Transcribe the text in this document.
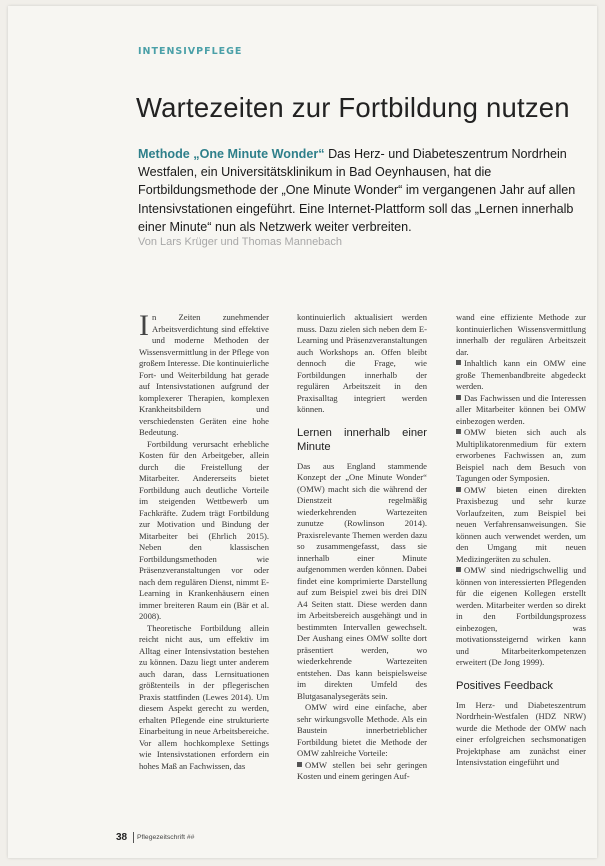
INTENSIVPFLEGE
Wartezeiten zur Fortbildung nutzen
Methode „One Minute Wonder“ Das Herz- und Diabeteszentrum Nordrhein Westfalen, ein Universitätsklinikum in Bad Oeynhausen, hat die Fortbildungsmethode der „One Minute Wonder“ im vergangenen Jahr auf allen Intensivstationen eingeführt. Eine Internet-Plattform soll das „Lernen innerhalb einer Minute“ nun als Netzwerk weiter verbreiten.
Von Lars Krüger und Thomas Mannebach

In Zeiten zunehmender Arbeitsverdichtung sind effektive und moderne Methoden der Wissensvermittlung in der Pflege von großem Interesse. Die kontinuierliche Fort- und Weiterbildung hat gerade auf Intensivstationen aufgrund der komplexerer Therapien, komplexen Krankheitsbildern und verschiedensten Geräten eine hohe Bedeutung.

Fortbildung verursacht erhebliche Kosten für den Arbeitgeber, allein durch die Freistellung der Mitarbeiter. Andererseits bietet Fortbildung auch deutliche Vorteile im steigenden Wettbewerb um Fachkräfte. Zudem trägt Fortbildung zur Motivation und Bindung der Mitarbeiter bei (Ehrlich 2015). Neben den klassischen Fortbildungsmethoden wie Präsenzveranstaltungen vor oder nach dem regulären Dienst, nimmt E-Learning in Krankenhäusern einen immer breiteren Raum ein (Bär et al. 2008).

Theoretische Fortbildung allein reicht nicht aus, um effektiv im Alltag einer Intensivstation bestehen zu können. Dazu liegt unter anderem auch daran, dass Lernsituationen größtenteils in der pflegerischen Praxis stattfinden (Lewes 2014). Um diesem Aspekt gerecht zu werden, erhalten Pflegende eine strukturierte Einarbeitung in neue Arbeitsbereiche. Vor allem hochkomplexe Settings wie Intensivstationen erfordern ein hohes Maß an Fachwissen, das

kontinuierlich aktualisiert werden muss. Dazu zielen sich neben dem E-Learning und Präsenzveranstaltungen auch Workshops an. Offen bleibt dennoch die Frage, wie Fortbildungen innerhalb der regulären Arbeitszeit in den Praxisalltag integriert werden können.

Lernen innerhalb einer Minute

Das aus England stammende Konzept der „One Minute Wonder“ (OMW) macht sich die während der Dienstzeit regelmäßig wiederkehrenden Wartezeiten zunutze (Rowlinson 2014). Praxisrelevante Themen werden dazu so zusammengefasst, dass sie innerhalb einer Minute aufgenommen werden können. Dabei findet eine komprimierte Darstellung auf zum Beispiel zwei bis drei DIN A4 Seiten statt. Diese werden dann im Arbeitsbereich ausgehängt und in bestimmten Intervallen gewechselt. Der Aushang eines OMW sollte dort präsentiert werden, wo wiederkehrende Wartezeiten entstehen. Das kann beispielsweise im direkten Umfeld des Blutgasanalysegeräts sein.

OMW wird eine einfache, aber sehr wirkungsvolle Methode. Als ein Baustein innerbetrieblicher Fortbildung bietet die Methode der OMW zahlreiche Vorteile:

OMW stellen bei sehr geringen Kosten und einem geringen Auf-

wand eine effiziente Methode zur kontinuierlichen Wissensvermittlung innerhalb der regulären Arbeitszeit dar.

Inhaltlich kann ein OMW eine große Themenbandbreite abgedeckt werden.

Das Fachwissen und die Interessen aller Mitarbeiter können bei OMW einbezogen werden.

OMW bieten sich auch als Multiplikatorenmedium für extern erworbenes Fachwissen an, zum Beispiel nach dem Besuch von Tagungen oder Symposien.

OMW bieten einen direkten Praxisbezug und sehr kurze Vorlaufzeiten, zum Beispiel bei neuen Verfahrensanweisungen. Sie können auch verwendet werden, um den Umgang mit neuen Medizingeräten zu schulen.

OMW sind niedrigschwellig und können von interessierten Pflegenden für die eigenen Kollegen erstellt werden. Mitarbeiter werden so direkt in den Fortbildungsprozess einbezogen, was motivationssteigernd wirken kann und Mitarbeiterkompetenzen erweitert (De Jong 1999).

Positives Feedback

Im Herz- und Diabeteszentrum Nordrhein-Westfalen (HDZ NRW) wurde die Methode der OMW nach einer erfolgreichen sechsmonatigen Projektphase am zunächst einer Intensivstation eingeführt und

38 Pflegezeitschrift ##
